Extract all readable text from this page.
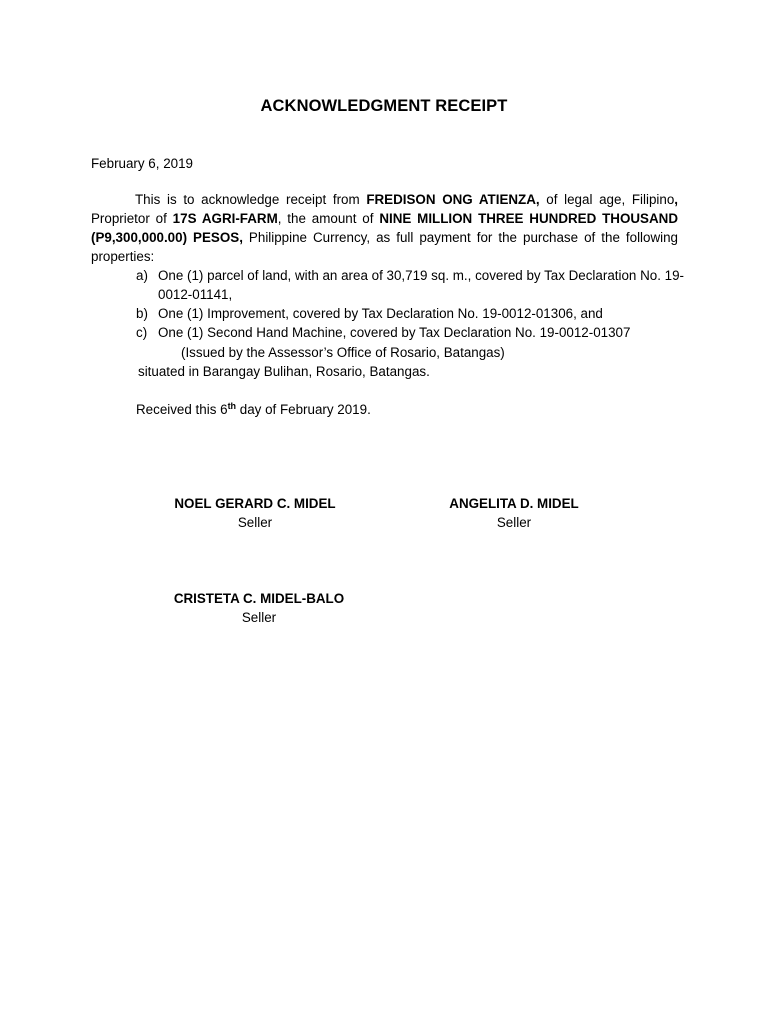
ACKNOWLEDGMENT RECEIPT
February 6, 2019

This is to acknowledge receipt from FREDISON ONG ATIENZA, of legal age, Filipino, Proprietor of 17S AGRI-FARM, the amount of NINE MILLION THREE HUNDRED THOUSAND (P9,300,000.00) PESOS, Philippine Currency, as full payment for the purchase of the following properties:

a) One (1) parcel of land, with an area of 30,719 sq. m., covered by Tax Declaration No. 19-0012-01141,
b) One (1) Improvement, covered by Tax Declaration No. 19-0012-01306, and
c) One (1) Second Hand Machine, covered by Tax Declaration No. 19-0012-01307
(Issued by the Assessor’s Office of Rosario, Batangas)
situated in Barangay Bulihan, Rosario, Batangas.
Received this 6th day of February 2019.
NOEL GERARD C. MIDEL
Seller
ANGELITA D. MIDEL
Seller
CRISTETA C. MIDEL-BALO
Seller
